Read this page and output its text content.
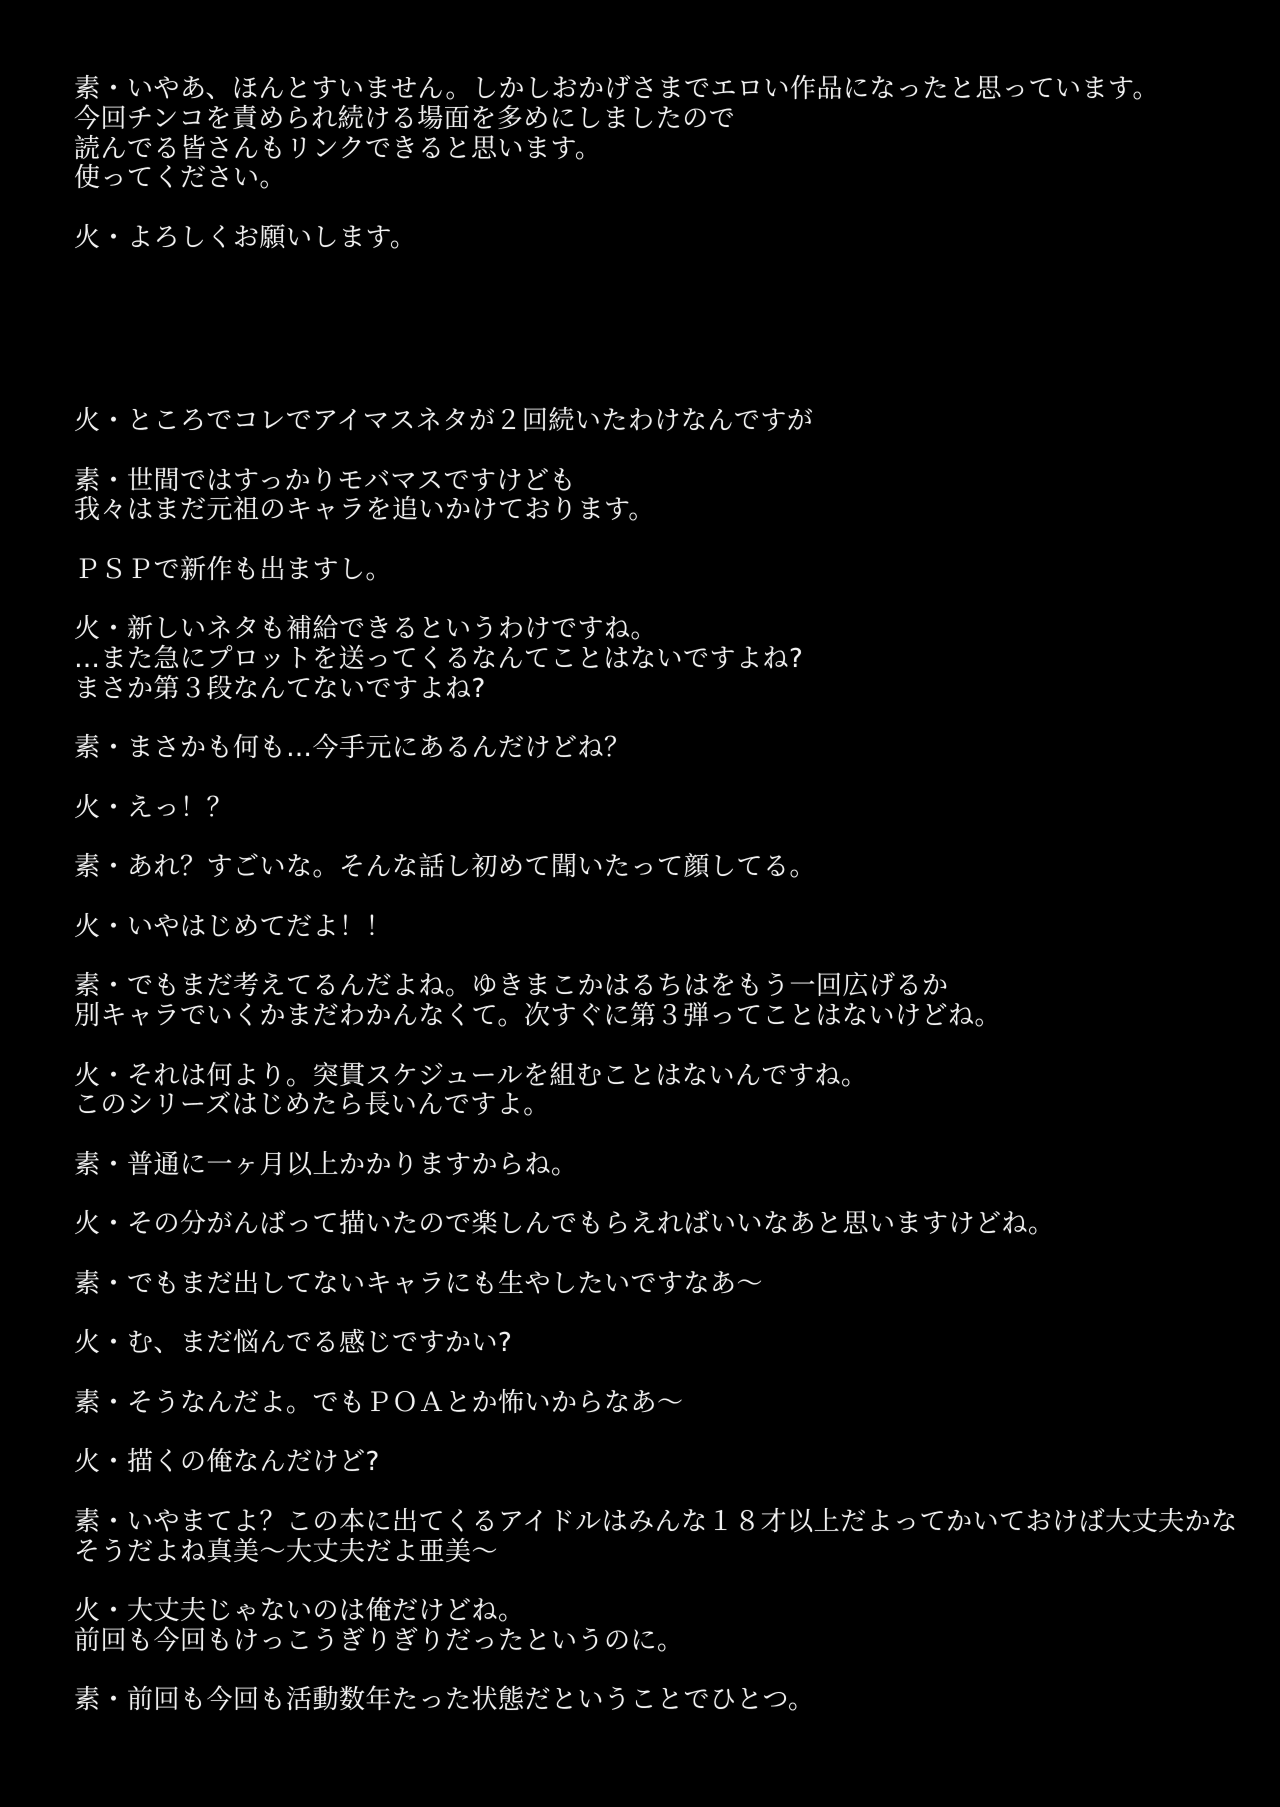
素・いやあ、ほんとすいません。しかしおかげさまでエロい作品になったと思っています。
今回チンコを責められ続ける場面を多めにしましたので
読んでる皆さんもリンクできると思います。
使ってください。
火・よろしくお願いします。
火・ところでコレでアイマスネタが２回続いたわけなんですが
素・世間ではすっかりモバマスですけども
我々はまだ元祖のキャラを追いかけております。
ＰＳＰで新作も出ますし。
火・新しいネタも補給できるというわけですね。
…また急にプロットを送ってくるなんてことはないですよね?
まさか第３段なんてないですよね?
素・まさかも何も…今手元にあるんだけどね？
火・えっ！？
素・あれ？すごいな。そんな話し初めて聞いたって顔してる。
火・いやはじめてだよ！！
素・でもまだ考えてるんだよね。ゆきまこかはるちはをもう一回広げるか
別キャラでいくかまだわかんなくて。次すぐに第３弾ってことはないけどね。
火・それは何より。突貫スケジュールを組むことはないんですね。
このシリーズはじめたら長いんですよ。
素・普通に一ヶ月以上かかりますからね。
火・その分がんばって描いたので楽しんでもらえればいいなあと思いますけどね。
素・でもまだ出してないキャラにも生やしたいですなあ〜
火・む、まだ悩んでる感じですかい?
素・そうなんだよ。でもＰＯＡとか怖いからなあ〜
火・描くの俺なんだけど?
素・いやまてよ？この本に出てくるアイドルはみんな１８才以上だよってかいておけば大丈夫かな
そうだよね真美〜大丈夫だよ亜美〜
火・大丈夫じゃないのは俺だけどね。
前回も今回もけっこうぎりぎりだったというのに。
素・前回も今回も活動数年たった状態だということでひとつ。
